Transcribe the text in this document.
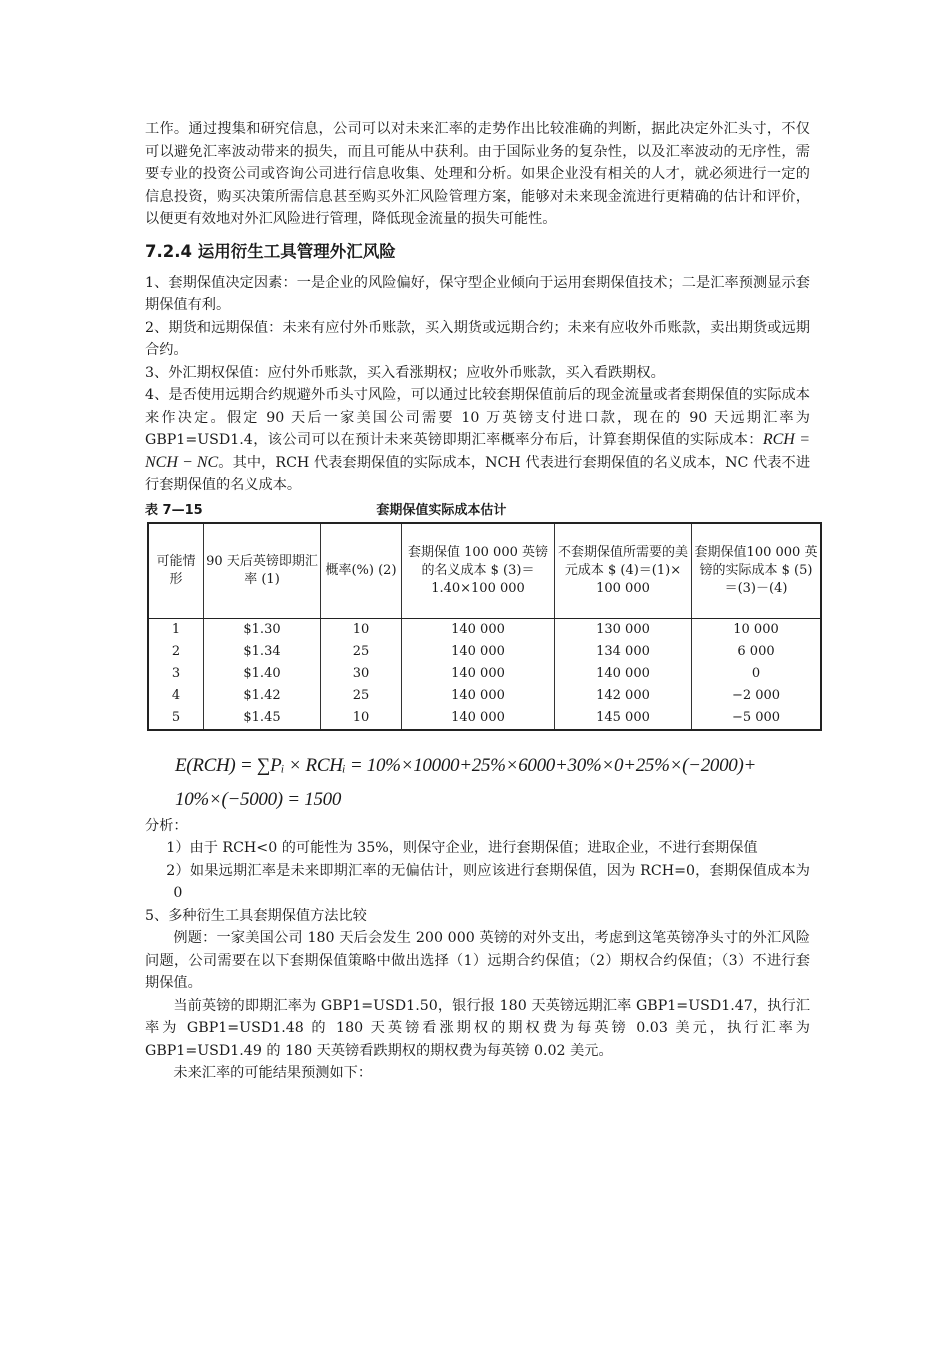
工作。通过搜集和研究信息，公司可以对未来汇率的走势作出比较准确的判断，据此决定外汇头寸，不仅可以避免汇率波动带来的损失，而且可能从中获利。由于国际业务的复杂性，以及汇率波动的无序性，需要专业的投资公司或咨询公司进行信息收集、处理和分析。如果企业没有相关的人才，就必须进行一定的信息投资，购买决策所需信息甚至购买外汇风险管理方案，能够对未来现金流进行更精确的估计和评价，以便更有效地对外汇风险进行管理，降低现金流量的损失可能性。

7.2.4 运用衍生工具管理外汇风险

1、套期保值决定因素：一是企业的风险偏好，保守型企业倾向于运用套期保值技术；二是汇率预测显示套期保值有利。

2、期货和远期保值：未来有应付外币账款，买入期货或远期合约；未来有应收外币账款，卖出期货或远期合约。

3、外汇期权保值：应付外币账款，买入看涨期权；应收外币账款，买入看跌期权。

4、是否使用远期合约规避外币头寸风险，可以通过比较套期保值前后的现金流量或者套期保值的实际成本来作决定。假定 90 天后一家美国公司需要 10 万英镑支付进口款，现在的 90 天远期汇率为 GBP1=USD1.4，该公司可以在预计未来英镑即期汇率概率分布后，计算套期保值的实际成本：RCH = NCH − NC。其中，RCH 代表套期保值的实际成本，NCH 代表进行套期保值的名义成本，NC 代表不进行套期保值的名义成本。

表 7—15	套期保值实际成本估计
可能情形	90 天后英镑即期汇率 (1)	概率(%) (2)	套期保值 100 000 英镑的名义成本 $ (3)＝1.40×100 000	不套期保值所需要的美元成本 $ (4)＝(1)× 100 000	套期保值100 000 英镑的实际成本 $ (5)＝(3)－(4)
1	$1.30	10	140 000	130 000	10 000
2	$1.34	25	140 000	134 000	6 000
3	$1.40	30	140 000	140 000	0
4	$1.42	25	140 000	142 000	−2 000
5	$1.45	10	140 000	145 000	−5 000
E(RCH) = ∑Pᵢ × RCHᵢ = 10%×10000+25%×6000+30%×0+25%×(−2000)+
10%×(−5000) = 1500

分析：

1）由于 RCH<0 的可能性为 35%，则保守企业，进行套期保值；进取企业，不进行套期保值

2）如果远期汇率是未来即期汇率的无偏估计，则应该进行套期保值，因为 RCH=0，套期保值成本为 0

5、多种衍生工具套期保值方法比较

例题：一家美国公司 180 天后会发生 200 000 英镑的对外支出，考虑到这笔英镑净头寸的外汇风险问题，公司需要在以下套期保值策略中做出选择（1）远期合约保值；（2）期权合约保值；（3）不进行套期保值。

当前英镑的即期汇率为 GBP1=USD1.50，银行报 180 天英镑远期汇率 GBP1=USD1.47，执行汇率为 GBP1=USD1.48 的 180 天英镑看涨期权的期权费为每英镑 0.03 美元，执行汇率为 GBP1=USD1.49 的 180 天英镑看跌期权的期权费为每英镑 0.02 美元。

未来汇率的可能结果预测如下：
